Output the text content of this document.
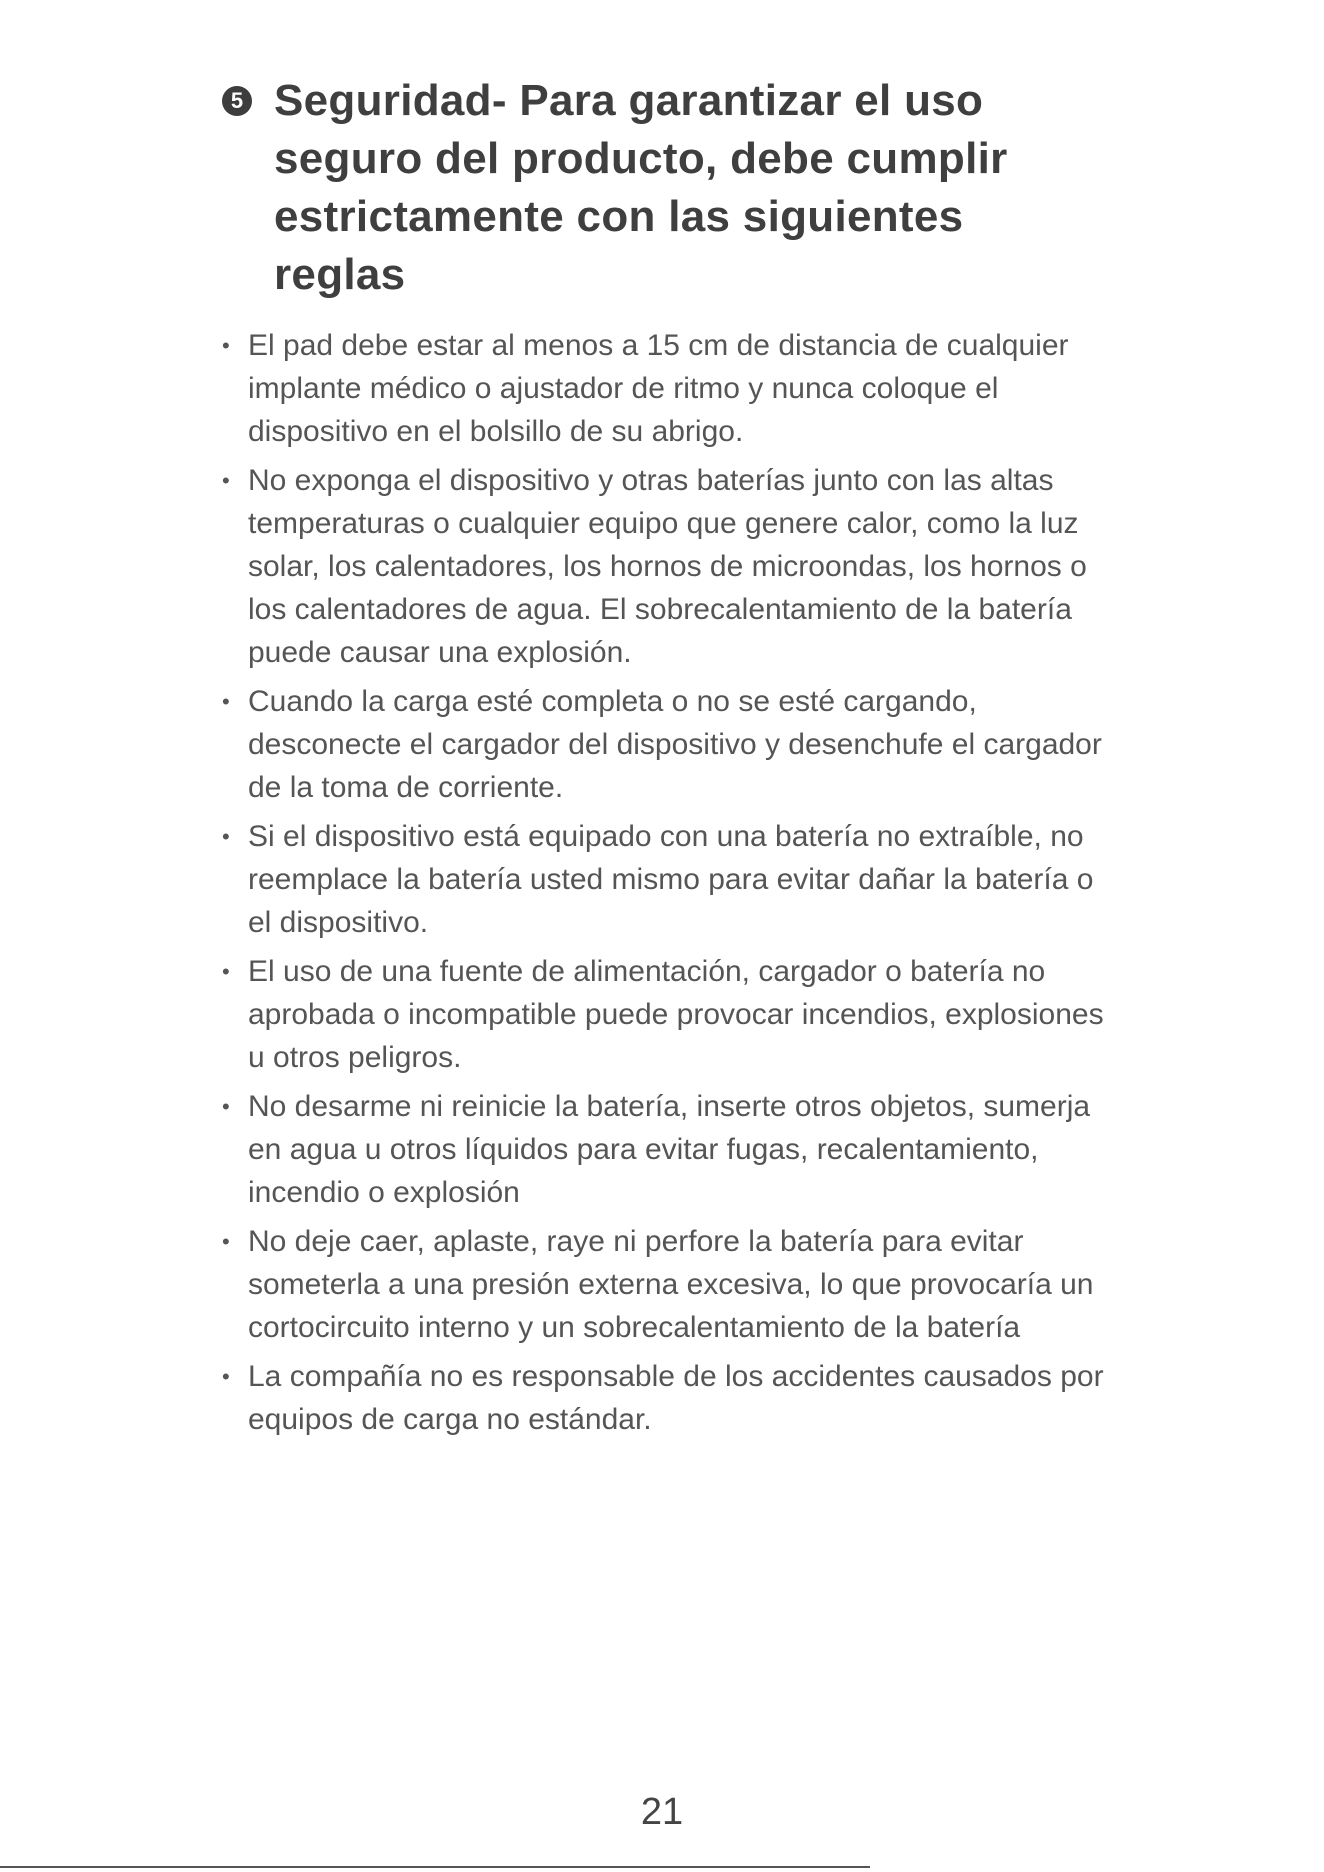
5 Seguridad- Para garantizar el uso seguro del producto, debe cumplir estrictamente con las siguientes reglas
• El pad debe estar al menos a 15 cm de distancia de cualquier implante médico o ajustador de ritmo y nunca coloque el dispositivo en el bolsillo de su abrigo.
• No exponga el dispositivo y otras baterías junto con las altas temperaturas o cualquier equipo que genere calor, como la luz solar, los calentadores, los hornos de microondas, los hornos o los calentadores de agua. El sobrecalentamiento de la batería puede causar una explosión.
• Cuando la carga esté completa o no se esté cargando, desconecte el cargador del dispositivo y desenchufe el cargador de la toma de corriente.
• Si el dispositivo está equipado con una batería no extraíble, no reemplace la batería usted mismo para evitar dañar la batería o el dispositivo.
• El uso de una fuente de alimentación, cargador o batería no aprobada o incompatible puede provocar incendios, explosiones u otros peligros.
• No desarme ni reinicie la batería, inserte otros objetos, sumerja en agua u otros líquidos para evitar fugas, recalentamiento, incendio o explosión
• No deje caer, aplaste, raye ni perfore la batería para evitar someterla a una presión externa excesiva, lo que provocaría un cortocircuito interno y un sobrecalentamiento de la batería
• La compañía no es responsable de los accidentes causados por equipos de carga no estándar.
21
